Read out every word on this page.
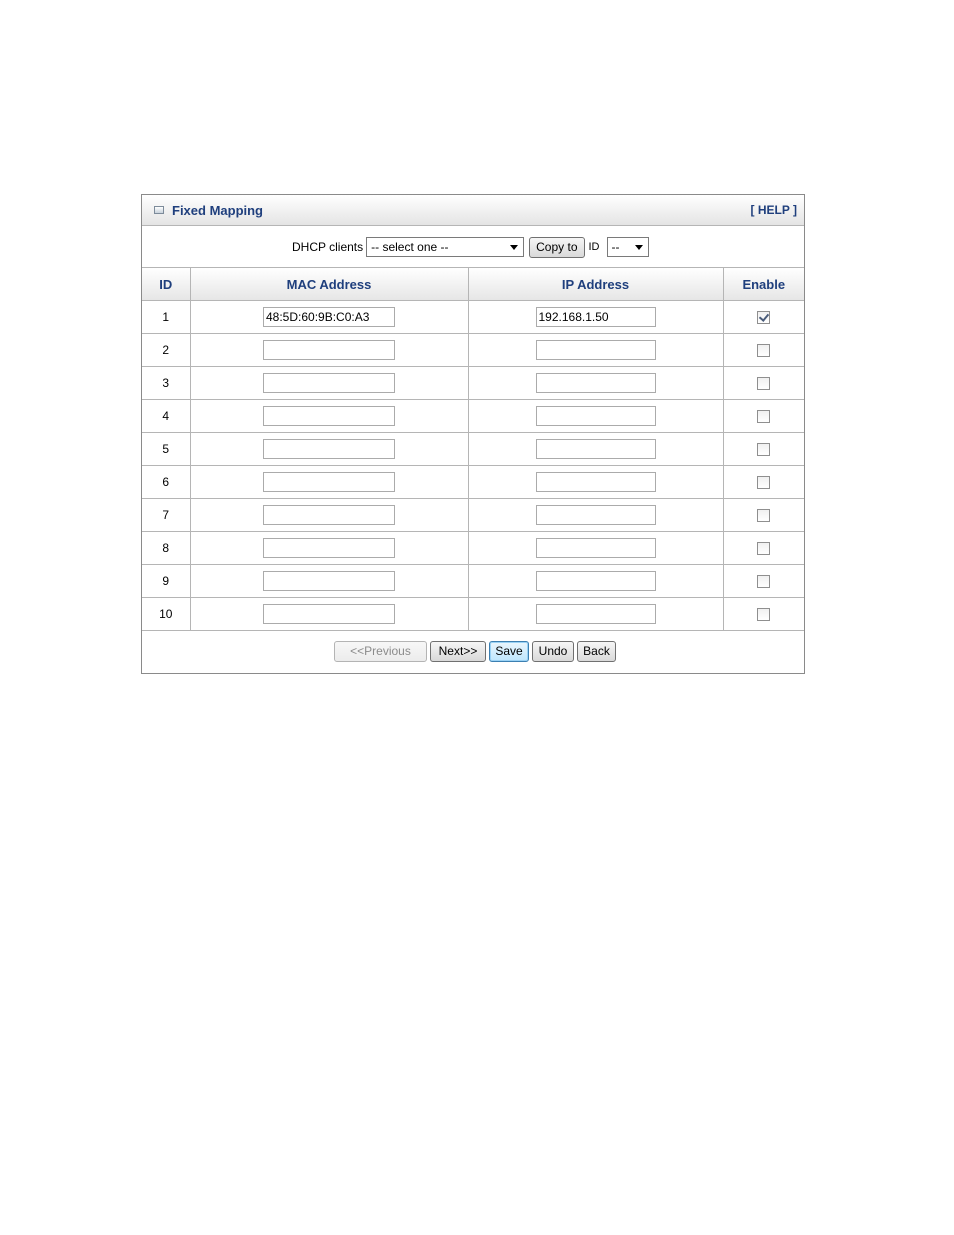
Fixed Mapping	[ HELP ]
DHCP clients -- select one --	Copy to	ID	--
ID	MAC Address	IP Address	Enable
1	48:5D:60:9B:C0:A3	192.168.1.50	
2			
3			
4			
5			
6			
7			
8			
9			
10			
<<Previous	Next>>	Save	Undo	Back
